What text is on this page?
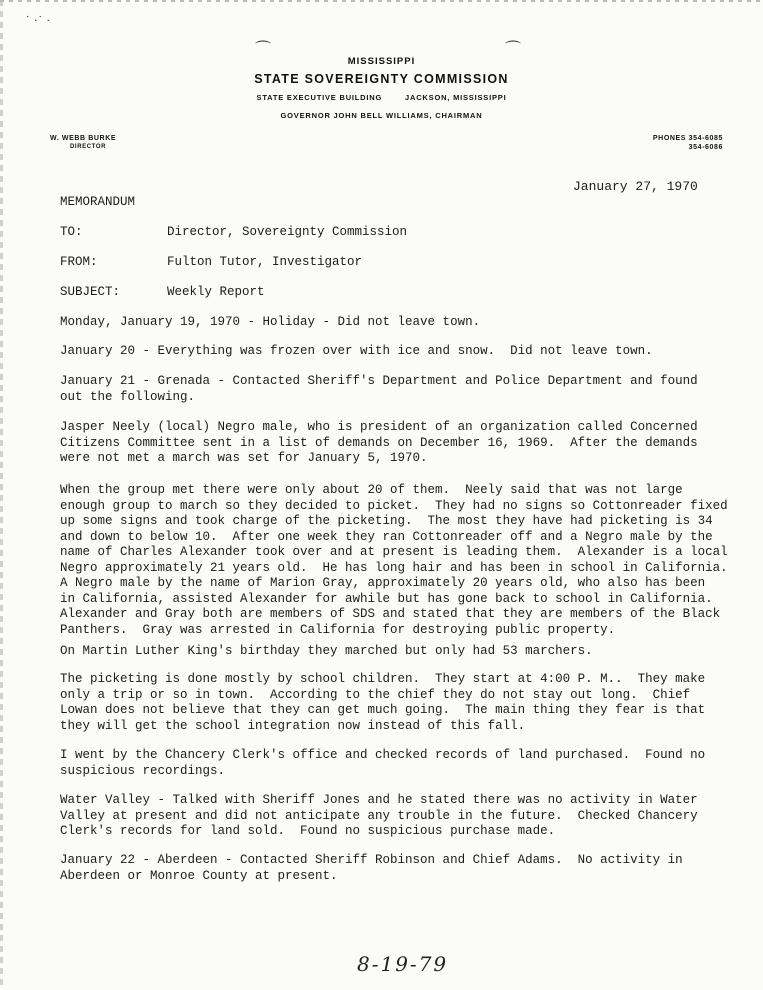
˙ ·˙ ·
⌒	⌒
MISSISSIPPI
STATE SOVEREIGNTY COMMISSION
STATE EXECUTIVE BUILDING	JACKSON, MISSISSIPPI
GOVERNOR JOHN BELL WILLIAMS, CHAIRMAN
W. WEBB BURKE
DIRECTOR
PHONES 354-6085
354-6086
January 27, 1970
MEMORANDUM
TO:	Director, Sovereignty Commission
FROM:	Fulton Tutor, Investigator
SUBJECT:	Weekly Report
Monday, January 19, 1970 - Holiday - Did not leave town.
January 20 - Everything was frozen over with ice and snow.  Did not leave town.
January 21 - Grenada - Contacted Sheriff's Department and Police Department and found
out the following.
Jasper Neely (local) Negro male, who is president of an organization called Concerned
Citizens Committee sent in a list of demands on December 16, 1969.  After the demands
were not met a march was set for January 5, 1970.
When the group met there were only about 20 of them.  Neely said that was not large
enough group to march so they decided to picket.  They had no signs so Cottonreader fixed
up some signs and took charge of the picketing.  The most they have had picketing is 34
and down to below 10.  After one week they ran Cottonreader off and a Negro male by the
name of Charles Alexander took over and at present is leading them.  Alexander is a local
Negro approximately 21 years old.  He has long hair and has been in school in California.
A Negro male by the name of Marion Gray, approximately 20 years old, who also has been
in California, assisted Alexander for awhile but has gone back to school in California.
Alexander and Gray both are members of SDS and stated that they are members of the Black
Panthers.  Gray was arrested in California for destroying public property.
On Martin Luther King's birthday they marched but only had 53 marchers.
The picketing is done mostly by school children.  They start at 4:00 P. M..  They make
only a trip or so in town.  According to the chief they do not stay out long.  Chief
Lowan does not believe that they can get much going.  The main thing they fear is that
they will get the school integration now instead of this fall.
I went by the Chancery Clerk's office and checked records of land purchased.  Found no
suspicious recordings.
Water Valley - Talked with Sheriff Jones and he stated there was no activity in Water
Valley at present and did not anticipate any trouble in the future.  Checked Chancery
Clerk's records for land sold.  Found no suspicious purchase made.
January 22 - Aberdeen - Contacted Sheriff Robinson and Chief Adams.  No activity in
Aberdeen or Monroe County at present.
8-19-79
